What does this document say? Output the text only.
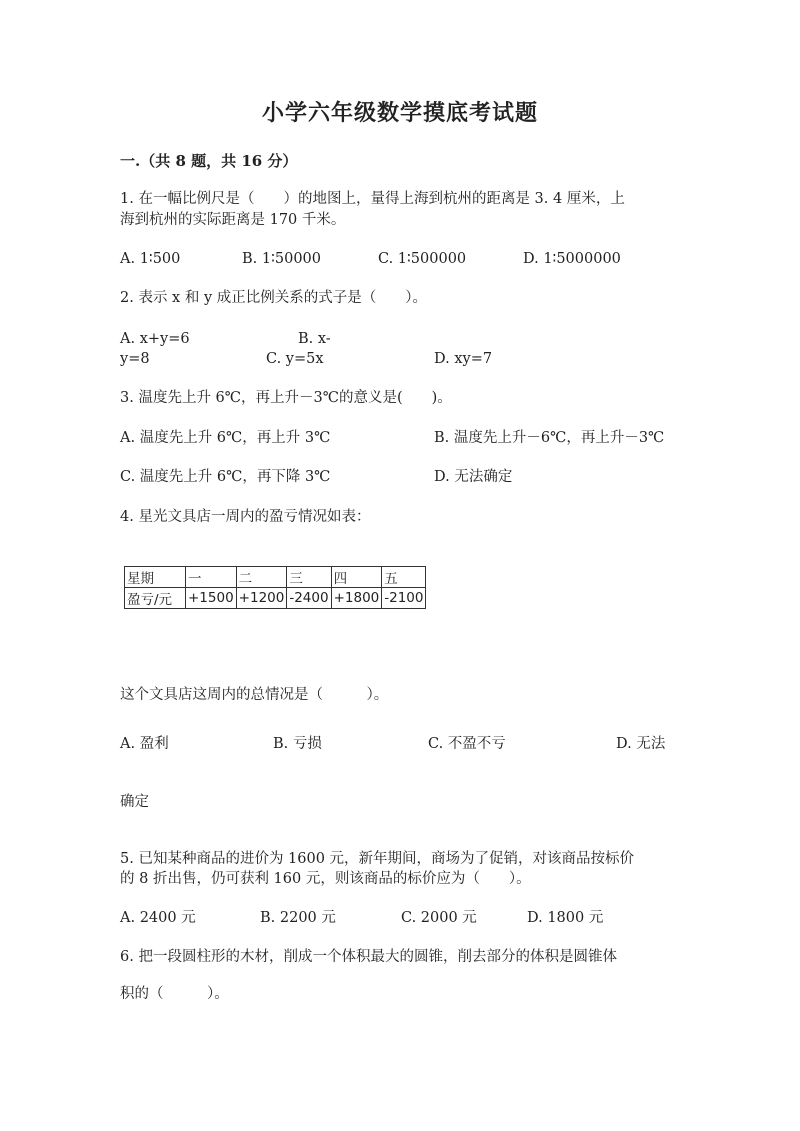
小学六年级数学摸底考试题
一.（共 8 题，共 16 分）
1. 在一幅比例尺是（　　）的地图上，量得上海到杭州的距离是 3. 4 厘米，上
海到杭州的实际距离是 170 千米。
A. 1∶500	B. 1∶50000	C. 1∶500000	D. 1∶5000000
2. 表示 x 和 y 成正比例关系的式子是（　　）。
A. x+y=6	B. x-
y=8	C. y=5x	D. xy=7
3. 温度先上升 6℃，再上升－3℃的意义是(　　)。
A. 温度先上升 6℃，再上升 3℃	B. 温度先上升－6℃，再上升－3℃
C. 温度先上升 6℃，再下降 3℃	D. 无法确定
4. 星光文具店一周内的盈亏情况如表：
星期	一	二	三	四	五
盈亏/元	+1500	+1200	-2400	+1800	-2100
这个文具店这周内的总情况是（　　　）。
A. 盈利	B. 亏损	C. 不盈不亏	D. 无法
确定
5. 已知某种商品的进价为 1600 元，新年期间，商场为了促销，对该商品按标价
的 8 折出售，仍可获利 160 元，则该商品的标价应为（　　）。
A. 2400 元	B. 2200 元	C. 2000 元	D. 1800 元
6. 把一段圆柱形的木材，削成一个体积最大的圆锥，削去部分的体积是圆锥体
积的（　　　）。
